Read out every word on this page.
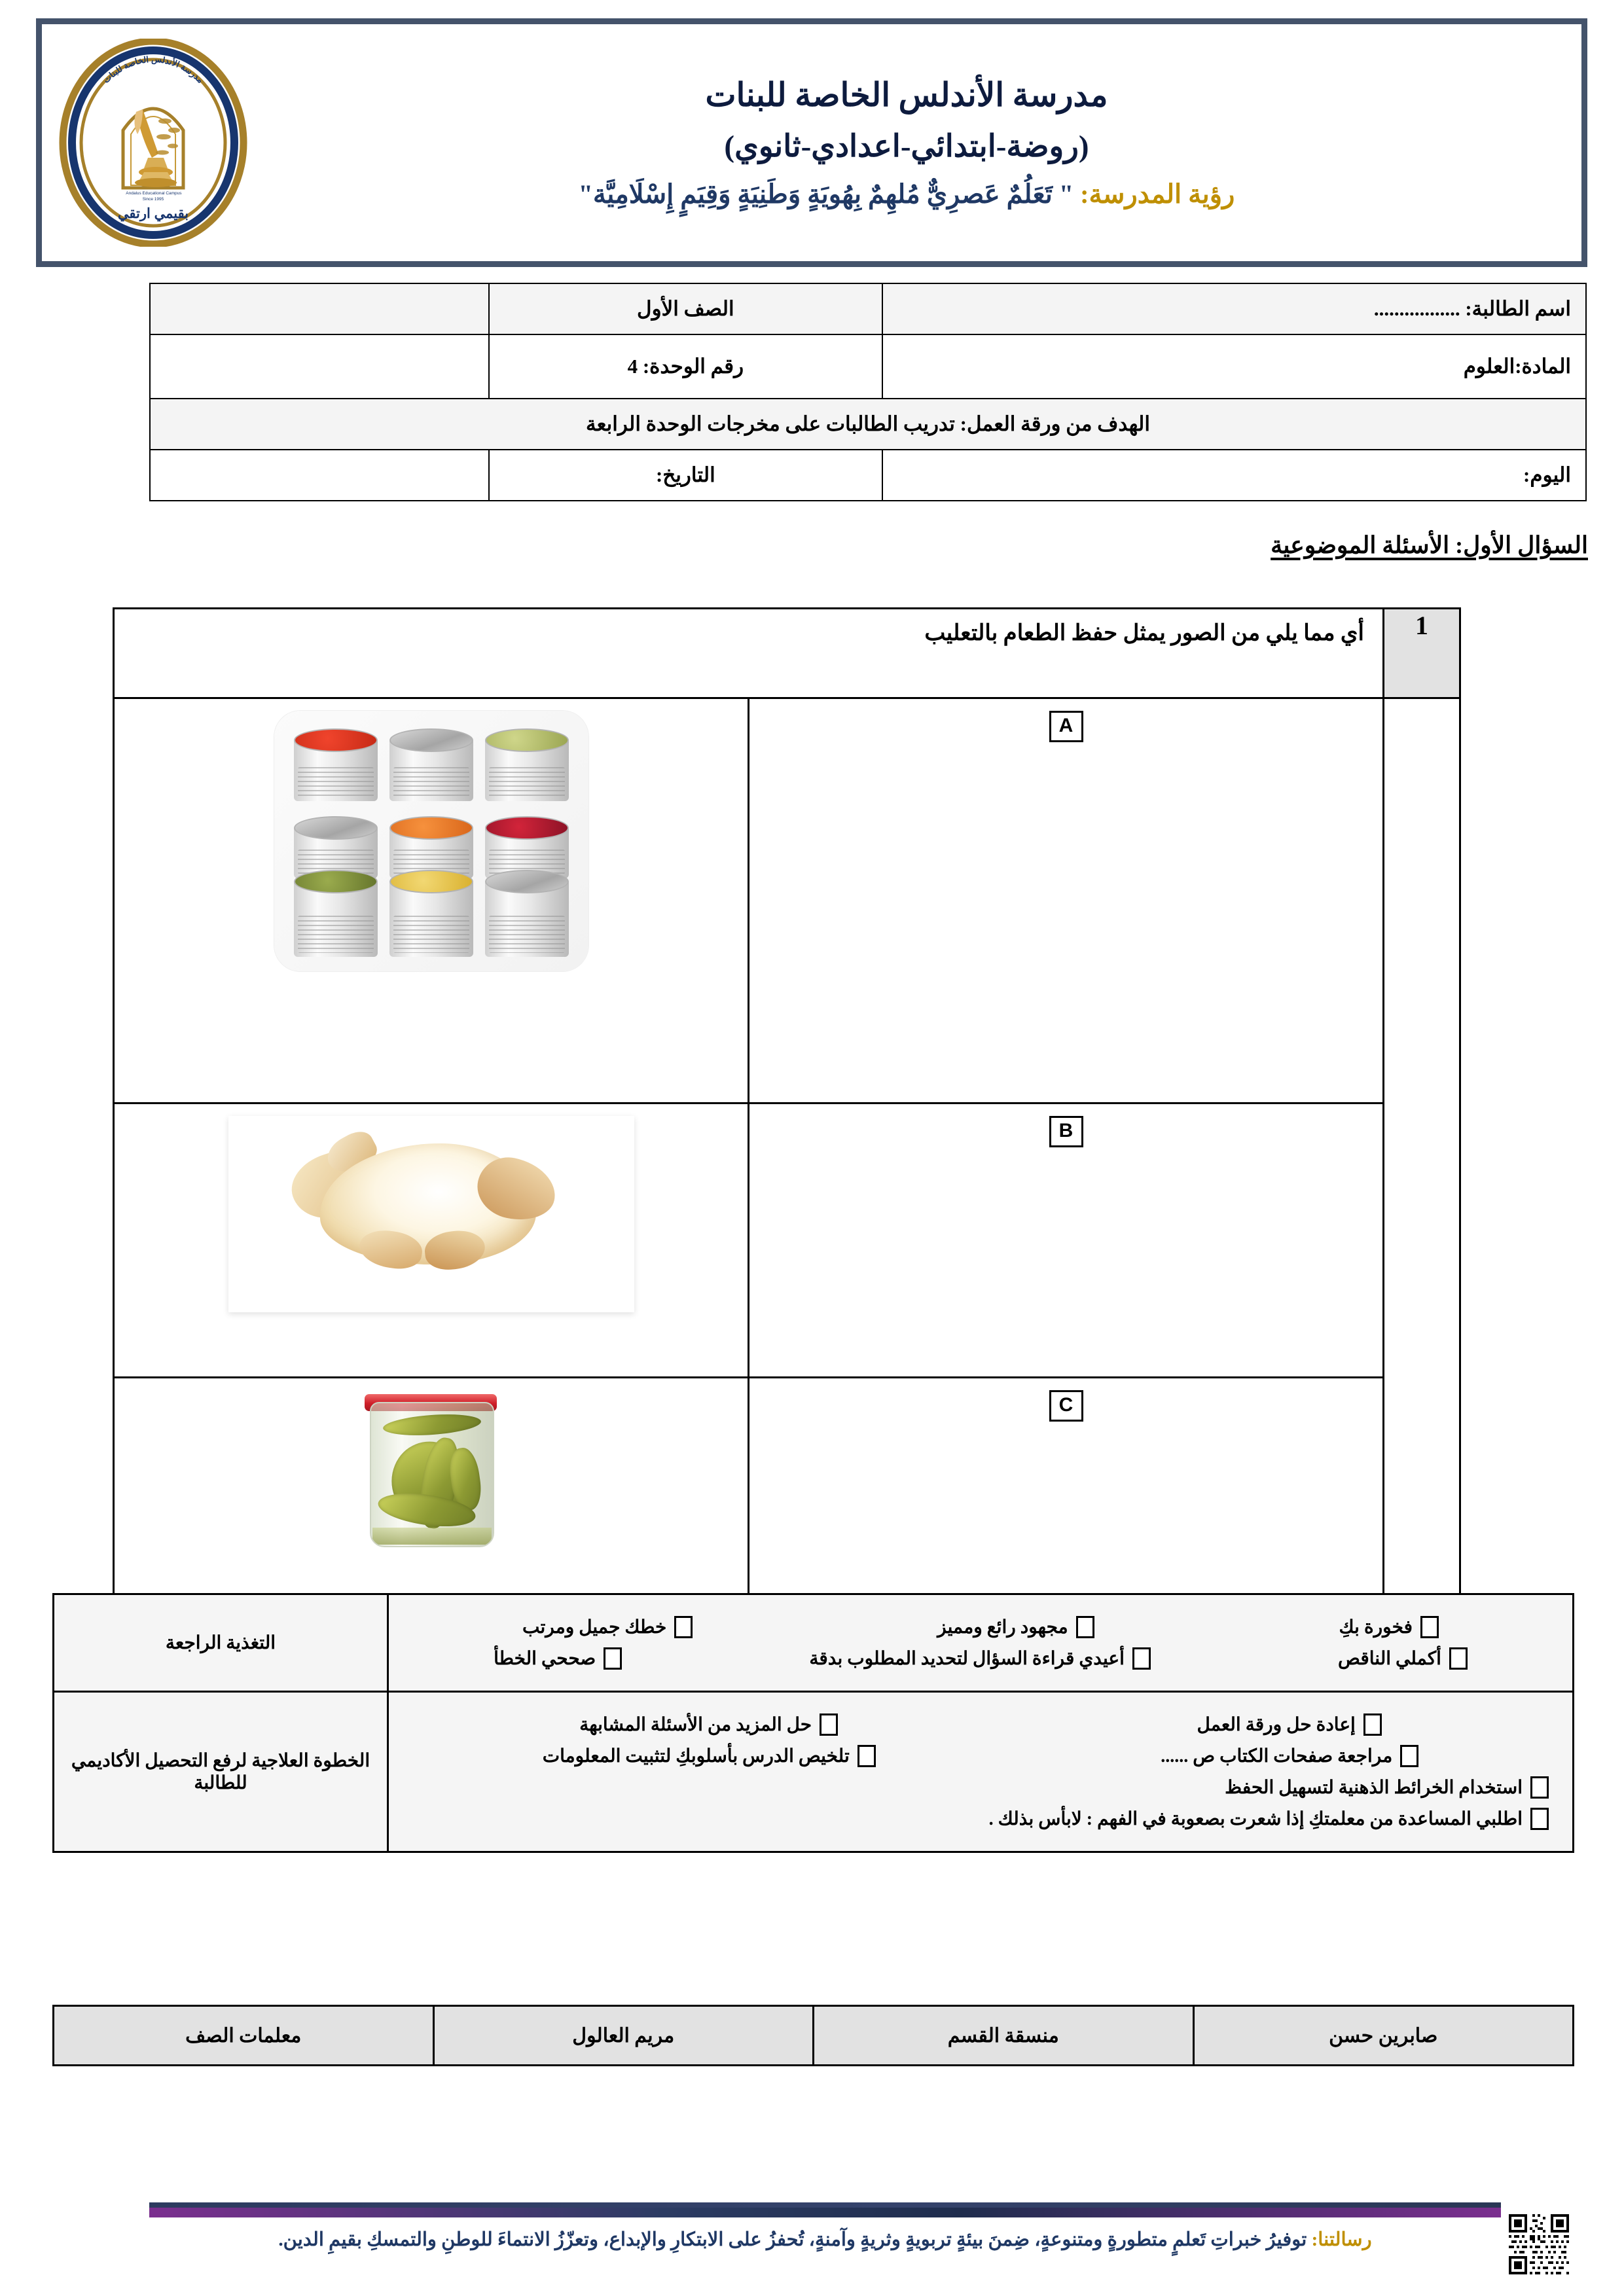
مدرسة الأندلس الخاصة للبنات
(روضة-ابتدائي-اعدادي-ثانوي)
رؤية المدرسة: " تَعَلُمٌ عَصرِيٌّ مُلهِمٌ بِهُويَةٍ وَطَنِيَةٍ وَقِيَمٍ إِسْلَامِيَّة"
Andalus Educational Campus Since 1995
مدرسة الأندلس الخاصة للبنات
بقيمي ارتقي
اسم الطالبة: .................	الصف الأول	
المادة:العلوم	رقم الوحدة: 4	
الهدف من ورقة العمل: تدريب الطالبات على مخرجات الوحدة الرابعة		
اليوم:	التاريخ:	
السؤال الأول: الأسئلة الموضوعية
1	أي مما يلي من الصور يمثل حفظ الطعام بالتعليب	
	A	

	B	

	C	
فخورة بكِ
مجهود رائع ومميز
خطك جميل ومرتب
أكملي الناقص
أعيدي قراءة السؤال لتحديد المطلوب بدقة
صححي الخطأ
	التغذية الراجعة

إعادة حل ورقة العمل
حل المزيد من الأسئلة المشابهة
مراجعة صفحات الكتاب ص ......
تلخيص الدرس بأسلوبكِ لتثبيت المعلومات
استخدام الخرائط الذهنية لتسهيل الحفظ
اطلبي المساعدة من معلمتكِ إذا شعرت بصعوبة في الفهم : لابأس بذلك .
	الخطوة العلاجية لرفع التحصيل الأكاديمي للطالبة
صابرين حسن	منسقة القسم	مريم العالول	معلمات الصف
رسالتنا: توفيرُ خبراتِ تَعلمٍ متطورةٍ ومتنوعةٍ، ضِمنَ بيئةٍ تربويةٍ وثريةٍ وآمنةٍ، تُحفزُ على الابتكارِ والإبداع، وتعزّزُ الانتماءَ للوطنِ والتمسكِ بقيمِ الدين.
